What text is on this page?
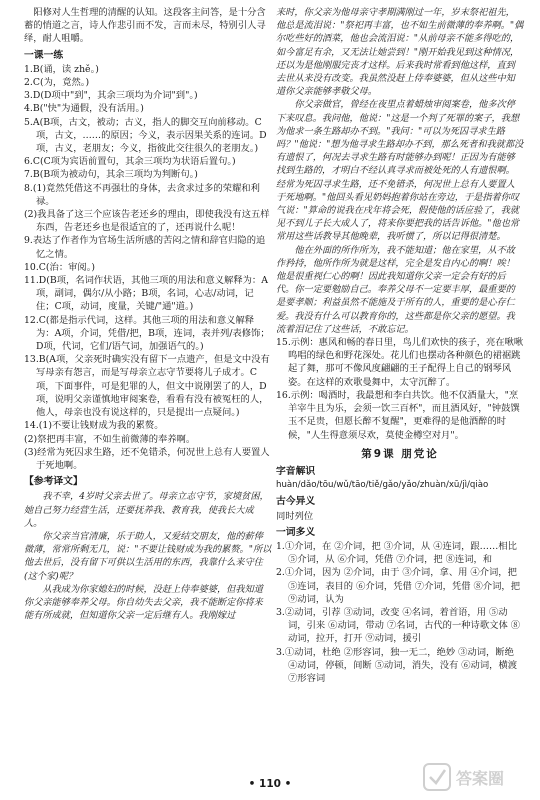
阳修对人生哲理的清醒的认知。这段客主问答，是十分含蓄的悄道之言，诗人作悲引而不发，言而未尽，特别引人寻绎，耐人咀嚼。

一课一练

1.B(诵，读 zhě。)

2.C(为，竟然。)

3.D(D项中"到"，其余三项均为介词"到"。)

4.B("快"为通假，没有活用。)

5.A(B项，古文，被动；古义，指人的脚交互向前移动。C项，古文，……的原因；今义，表示因果关系的连词。D项，古义，老朋友；今义，指彼此交往很久的老朋友。)

6.C(C项为宾语前置句，其余三项均为状语后置句。)

7.B(B项为被动句，其余三项均为判断句。)

8.(1)竟然凭借这不再强壮的身体，去贪求过多的荣耀和利禄。

(2)我具备了这三个应该告老还乡的理由，即使我没有这五样东西，告老还乡也是很适宜的了，还再说什么呢！

9.表达了作者作为官场生活所感的苦闷之情和辞官归隐的追忆之情。

10.C(治：审阅。)

11.D(B项，名词作状语，其他三项的用法和意义解释为：A项，副词，偶尔/从小路；B项，名词，心志/动词，记住；C项，动词，度量，关键/"通"道。)

12.C(都是指示代词，这样。其他三项的用法和意义解释为：A项，介词，凭借/把，B项，连词，表并列/表修饰；D项，代词，它们/语气词，加强语气的。)

13.B(A项，父亲死时确实没有留下一点遗产，但是文中没有写母亲有怨言，而是写母亲立志守节要将儿子成才。C项，下面事件，可是犯罪的人，但文中说刚罢了的人，D项，说明父亲谨慎地审阅案卷，看看有没有被冤枉的人，他人，母亲也没有说这样的，只是提出一点疑问。)

14.(1)不要让钱财成为我的累赘。

(2)祭把再丰富，不如生前微薄的奉养啊。

(3)经常为死囚求生路，还不免错杀，何况世上总有人要置人于死地啊。

【参考译文】

我不幸，4岁时父亲去世了。母亲立志守节，家境贫困，她自己努力经营生活，还要抚养我、教育我，使我长大成人。

你父亲当官清廉，乐于助人，又爱结交朋友，他的薪俸微薄，常常所剩无几，说："不要让钱财成为我的累赘。"所以他去世后，没有留下可供以生活用的东西，我靠什么来守住(这个家)呢？

从我成为你家媳妇的时候，没赶上侍奉婆婆，但我知道你父亲能够奉养父母。你自幼失去父亲，我不能断定你将来能有所成就，但知道你父亲一定后继有人。我刚嫁过

来时，你父亲为他母亲守孝期满刚过一年，岁末祭祀祖先，他总是流泪说："祭祀再丰富，也不如生前微薄的奉养啊。"偶尔吃些好的酒菜，他也会流泪说："从前母亲不能多得吃的，如今富足有余，又无法让她尝到！"刚开始我见到这种情况，还以为是他刚服完丧才这样。后来我时常看到他这样，直到去世从来没有改变。我虽然没赶上侍奉婆婆，但从这些中知道你父亲能够孝敬父母。

你父亲做官，曾经在夜里点着蜡烛审阅案卷，他多次停下来叹息。我问他，他说："这是一个判了死罪的案子，我想为他求一条生路却办不到。"我问："可以为死囚寻求生路吗？"他说："想为他寻求生路却办不到，那么死者和我就都没有遗恨了，何况去寻求生路有时能够办到呢！正因为有能够找到生路的，才明白不经认真寻求而被处死的人有遗恨啊。经常为死囚寻求生路，还不免错杀，何况世上总有人要置人于死地啊。"他回头看见奶妈抱着你站在旁边，于是指着你叹气说："算命的说我在戌年将会死，假使他的话应验了，我就见不到儿子长大成人了，将来你要把我的话告诉他。"他也常常用这些话教导其他晚辈，我听惯了，所以记得很清楚。

他在外面的所作所为，我不能知道；他在家里，从不故作矜持，他所作所为就是这样，完全是发自内心的啊！唉！他是很重视仁心的啊！因此我知道你父亲一定会有好的后代。你一定要勉励自己。奉养父母不一定要丰厚，最重要的是要孝顺；利益虽然不能施及于所有的人，重要的是心存仁爱。我没有什么可以教育你的，这些都是你父亲的愿望。我流着泪记住了这些话，不敢忘记。

15.示例：惠风和畅的春日里，鸟儿们欢快的孩子，亮在啾啾鸣唱的绿色和野花深处。花儿们也摆动各种颜色的裙裾跳起了舞，那可不像风度翩翩的王子配得上自己的钢琴风姿。在这样的欢歌曼舞中，太守沉醉了。

16.示例：喝酒时，我最想和李白共饮。他不仅酒量大，"烹羊宰牛且为乐，会须一饮三百杯"，而且酒风好，"钟鼓馔玉不足贵，但愿长醉不复醒"，更难得的是他酒醉的时候，"人生得意须尽欢，莫使金樽空对月"。

第9课 朋党论
字音解识

huàn/dǎo/tōu/wǔ/tāo/tiě/gǎo/yǎo/zhuàn/xū/jì/qiào

古今异义

同时列位

一词多义

1.①介词，在 ②介词，把 ③介词，从 ④连词，跟……相比 ⑤介词，从 ⑥介词，凭借 ⑦介词，把 ⑧连词，和

2.①介词，因为 ②介词，由于 ③介词，拿、用 ④介词，把 ⑤连词，表目的 ⑥介词，凭借 ⑦介词，凭借 ⑧介词，把 ⑨动词，认为

3.②动词，引荐 ③动词，改变 ④名词，着首语，用 ⑤动词，引来 ⑥动词，带动 ⑦名词，古代的一种诗歌文体 ⑧动词，拉开，打开 ⑨动词，援引

3.①动词，杜绝 ②形容词，独一无二，绝妙 ③动词，断绝 ④动词，停顿，间断 ⑤动词，消失，没有 ⑥动词，横渡 ⑦形容词

• 110 •	答案圈
